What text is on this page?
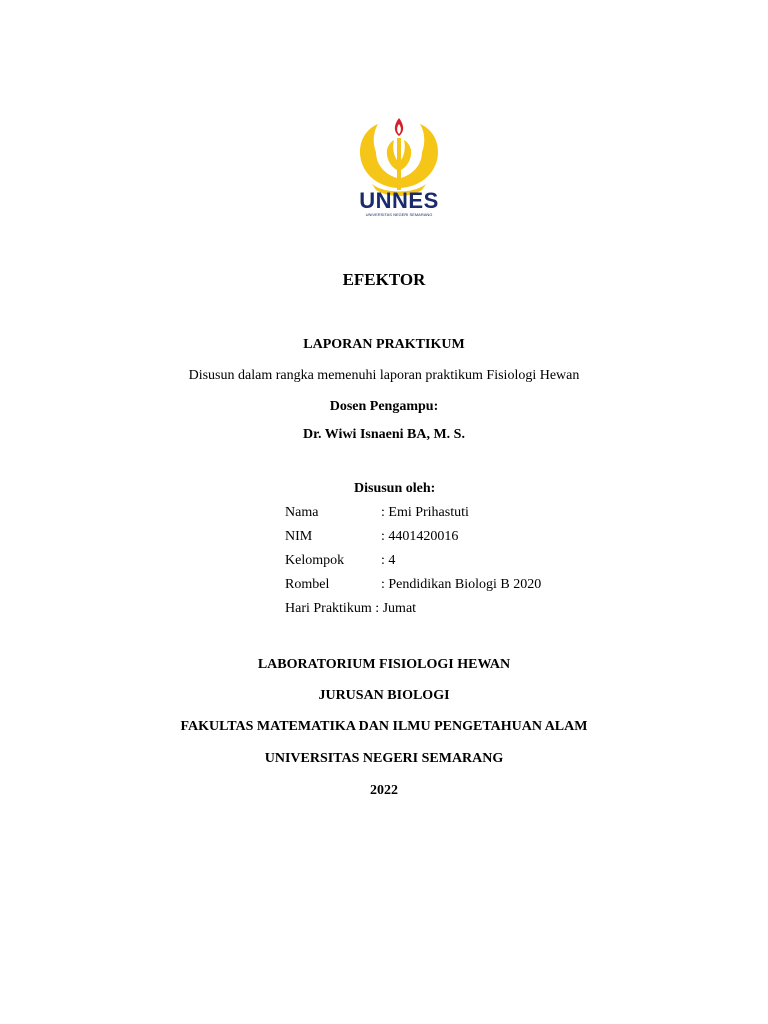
UNNES
UNIVERSITAS NEGERI SEMARANG
EFEKTOR
LAPORAN PRAKTIKUM
Disusun dalam rangka memenuhi laporan praktikum Fisiologi Hewan
Dosen Pengampu:
Dr. Wiwi Isnaeni BA, M. S.
Disusun oleh:
Nama	: Emi Prihastuti
NIM	: 4401420016
Kelompok	: 4
Rombel	: Pendidikan Biologi B 2020
Hari Praktikum : Jumat
LABORATORIUM FISIOLOGI HEWAN
JURUSAN BIOLOGI
FAKULTAS MATEMATIKA DAN ILMU PENGETAHUAN ALAM
UNIVERSITAS NEGERI SEMARANG
2022
